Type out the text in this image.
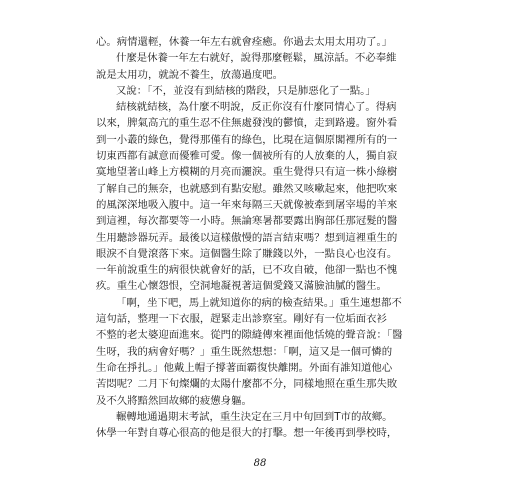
心。病情還輕，休養一年左右就會痊癒。你過去太用太用功了。」
什麼是休養一年左右就好，說得那麼輕鬆，風涼話。不必奉維
說是太用功，就說不養生，放蕩過度吧。
又說：「不，並沒有到結核的階段，只是肺惡化了一點。」
結核就結核，為什麼不明說，反正你沒有什麼同情心了。得病
以來，脾氣高亢的重生忍不住無處發洩的鬱憤，走到路邊。窗外看
到一小叢的綠色，覺得那僅有的綠色，比現在這個原閣裡所有的一
切東西都有誠意而優雅可愛。像一個被所有的人放棄的人，獨自寂
寞地望著山峰上方模糊的月亮而灑淚。重生覺得只有這一株小綠樹
了解自己的無奈，也就感到有點安慰。雖然又咳嗽起來，他把吹來
的風深深地吸入腹中。這一年來每隔三天就像被牽到屠宰場的羊來
到這裡，每次都要等一小時。無論寒暑都要露出胸部任那冠髮的醫
生用聽診器玩弄。最後以這樣傲慢的語言結束嗎？想到這裡重生的
眼淚不自覺滾落下來。這個醫生除了賺錢以外，一點良心也沒有。
一年前說重生的病很快就會好的話，已不攻自破，他卻一點也不愧
疚。重生心懷怨恨，空洞地凝視著這個愛錢又滿臉油膩的醫生。
「啊，坐下吧，馬上就知道你的病的檢查結果。」重生連想都不
這句話，整理一下衣服，趕緊走出診察室。剛好有一位垢面衣衫
不整的老太婆迎面進來。從門的隙縫傳來裡面他恬燒的聲音說：「醫
生呀，我的病會好嗎？」重生既然想想：「啊，這又是一個可憐的
生命在掙扎。」他戴上帽子撐著面霸復快離開。外面有誰知道他心
苦悶呢？二月下旬燦爛的太陽什麼都不分，同樣地照在重生那失敗
及不久將黯然回故鄉的疲憊身軀。
輾轉地通過期末考試，重生決定在三月中旬回到T市的故鄉。
休學一年對自尊心很高的他是很大的打擊。想一年後再到學校時，
88
